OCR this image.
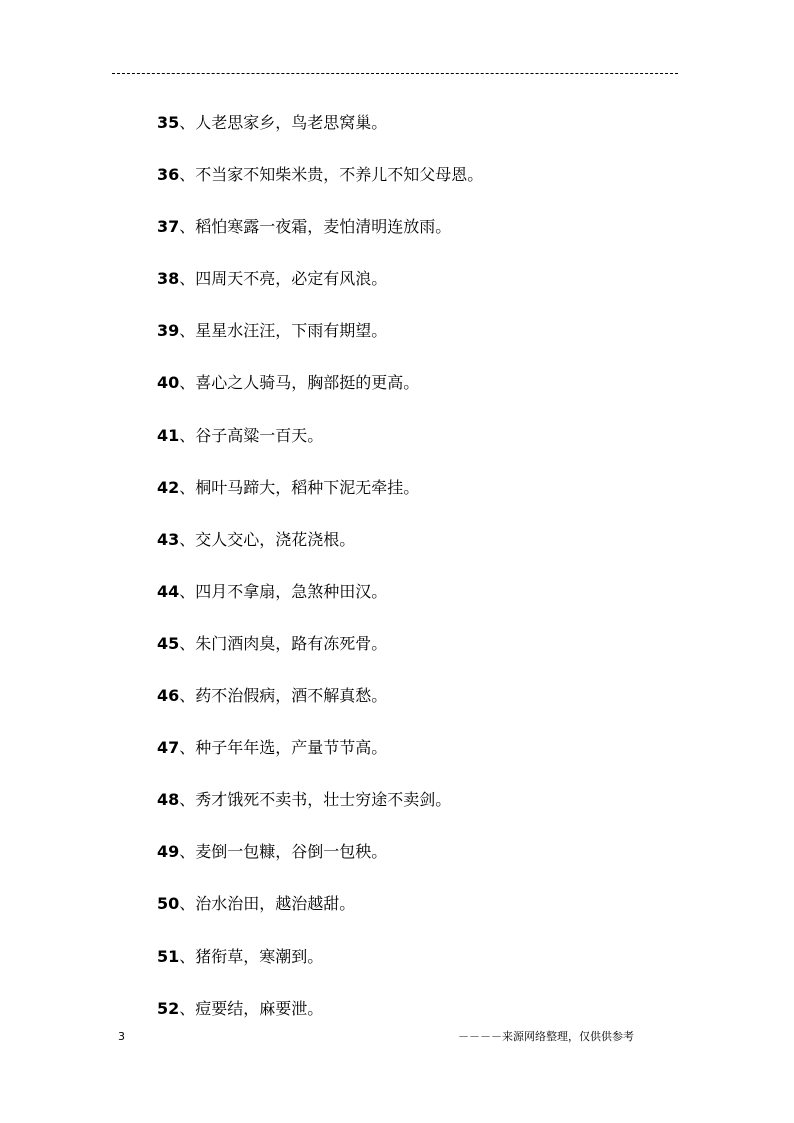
35、人老思家乡，鸟老思窝巢。
36、不当家不知柴米贵，不养儿不知父母恩。
37、稻怕寒露一夜霜，麦怕清明连放雨。
38、四周天不亮，必定有风浪。
39、星星水汪汪，下雨有期望。
40、喜心之人骑马，胸部挺的更高。
41、谷子高粱一百天。
42、桐叶马蹄大，稻种下泥无牵挂。
43、交人交心，浇花浇根。
44、四月不拿扇，急煞种田汉。
45、朱门酒肉臭，路有冻死骨。
46、药不治假病，酒不解真愁。
47、种子年年选，产量节节高。
48、秀才饿死不卖书，壮士穷途不卖剑。
49、麦倒一包糠，谷倒一包秧。
50、治水治田，越治越甜。
51、猪衔草，寒潮到。
52、痘要结，麻要泄。
3	－－－－来源网络整理，仅供供参考
